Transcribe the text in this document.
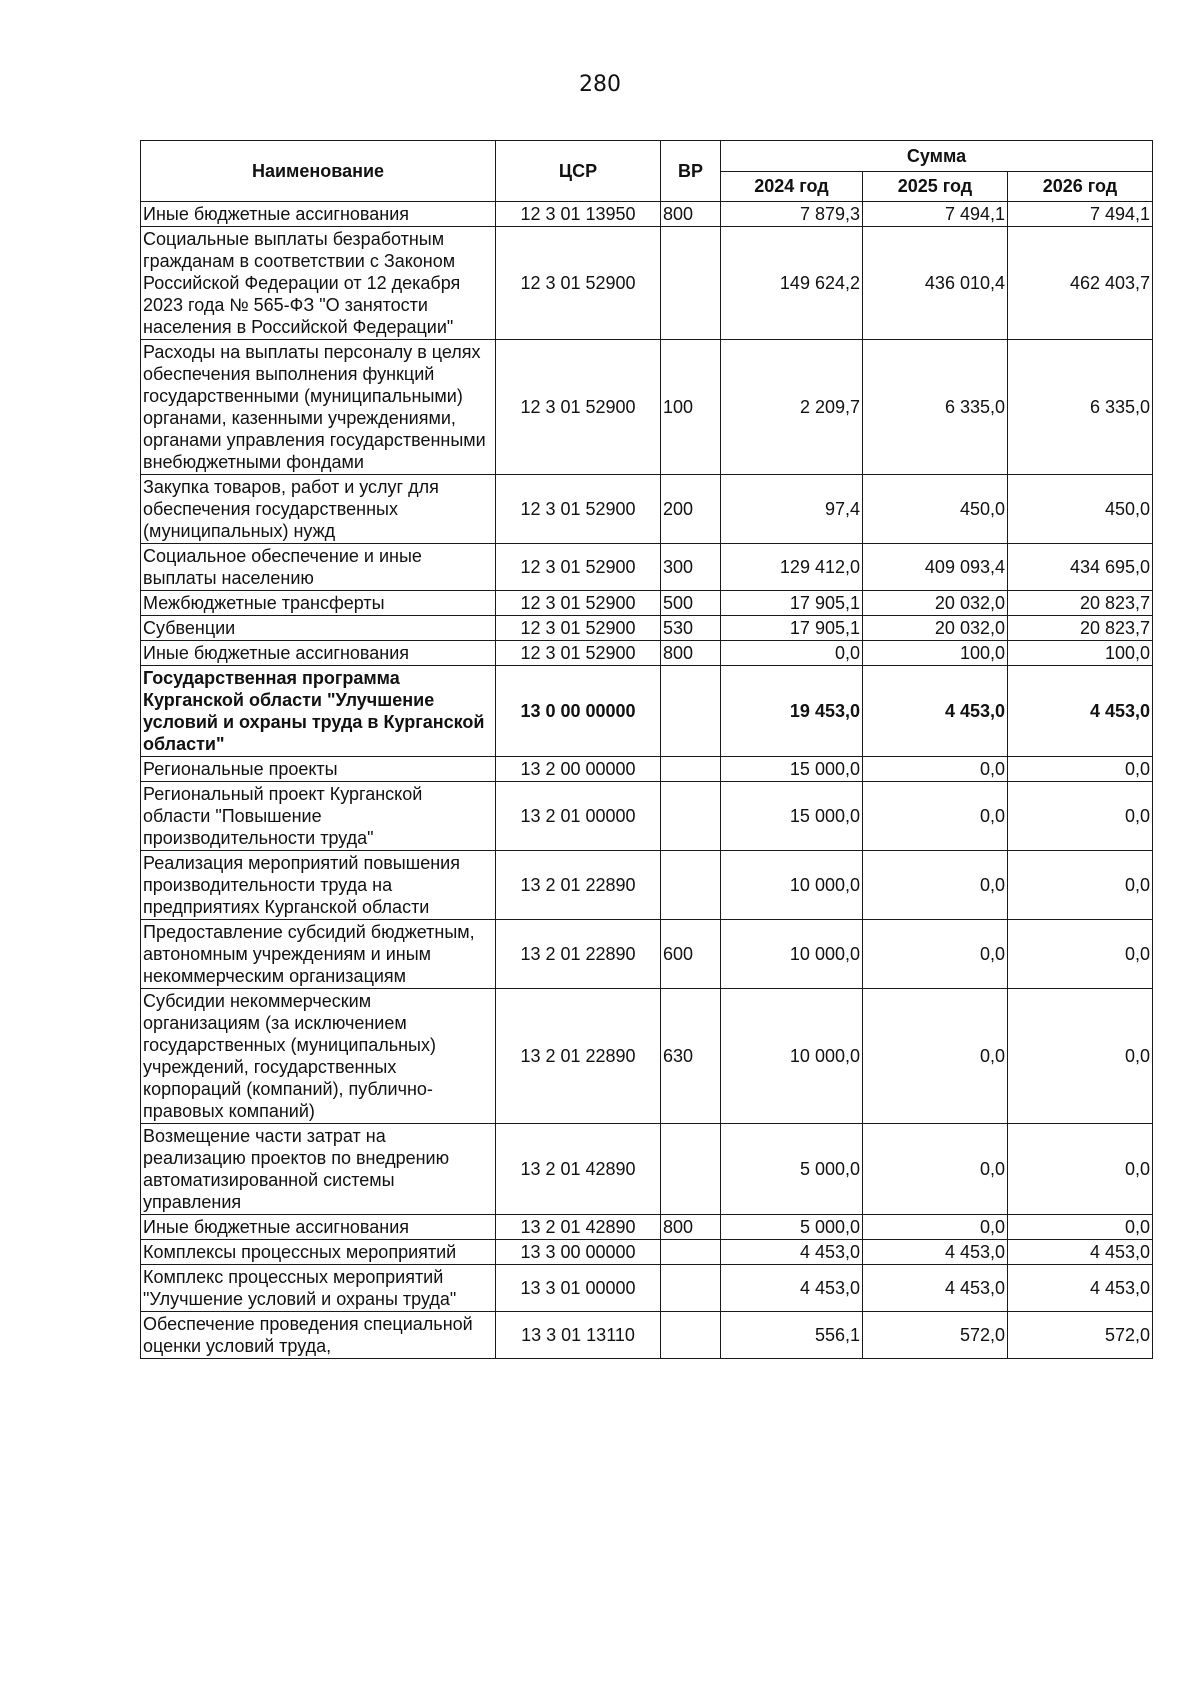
280
Наименование	ЦСР	ВР	Сумма		
			2024 год	2025 год	2026 год
Иные бюджетные ассигнования	12 3 01 13950	800	7 879,3	7 494,1	7 494,1
Социальные выплаты безработным гражданам в соответствии с Законом Российской Федерации от 12 декабря 2023 года № 565-ФЗ "О занятости населения в Российской Федерации"	12 3 01 52900		149 624,2	436 010,4	462 403,7
Расходы на выплаты персоналу в целях обеспечения выполнения функций государственными (муниципальными) органами, казенными учреждениями, органами управления государственными внебюджетными фондами	12 3 01 52900	100	2 209,7	6 335,0	6 335,0
Закупка товаров, работ и услуг для обеспечения государственных (муниципальных) нужд	12 3 01 52900	200	97,4	450,0	450,0
Социальное обеспечение и иные выплаты населению	12 3 01 52900	300	129 412,0	409 093,4	434 695,0
Межбюджетные трансферты	12 3 01 52900	500	17 905,1	20 032,0	20 823,7
Субвенции	12 3 01 52900	530	17 905,1	20 032,0	20 823,7
Иные бюджетные ассигнования	12 3 01 52900	800	0,0	100,0	100,0
Государственная программа Курганской области "Улучшение условий и охраны труда в Курганской области"	13 0 00 00000		19 453,0	4 453,0	4 453,0
Региональные проекты	13 2 00 00000		15 000,0	0,0	0,0
Региональный проект Курганской области "Повышение производительности труда"	13 2 01 00000		15 000,0	0,0	0,0
Реализация мероприятий повышения производительности труда на предприятиях Курганской области	13 2 01 22890		10 000,0	0,0	0,0
Предоставление субсидий бюджетным, автономным учреждениям и иным некоммерческим организациям	13 2 01 22890	600	10 000,0	0,0	0,0
Субсидии некоммерческим организациям (за исключением государственных (муниципальных) учреждений, государственных корпораций (компаний), публично-правовых компаний)	13 2 01 22890	630	10 000,0	0,0	0,0
Возмещение части затрат на реализацию проектов по внедрению автоматизированной системы управления	13 2 01 42890		5 000,0	0,0	0,0
Иные бюджетные ассигнования	13 2 01 42890	800	5 000,0	0,0	0,0
Комплексы процессных мероприятий	13 3 00 00000		4 453,0	4 453,0	4 453,0
Комплекс процессных мероприятий "Улучшение условий и охраны труда"	13 3 01 00000		4 453,0	4 453,0	4 453,0
Обеспечение проведения специальной оценки условий труда,	13 3 01 13110		556,1	572,0	572,0
